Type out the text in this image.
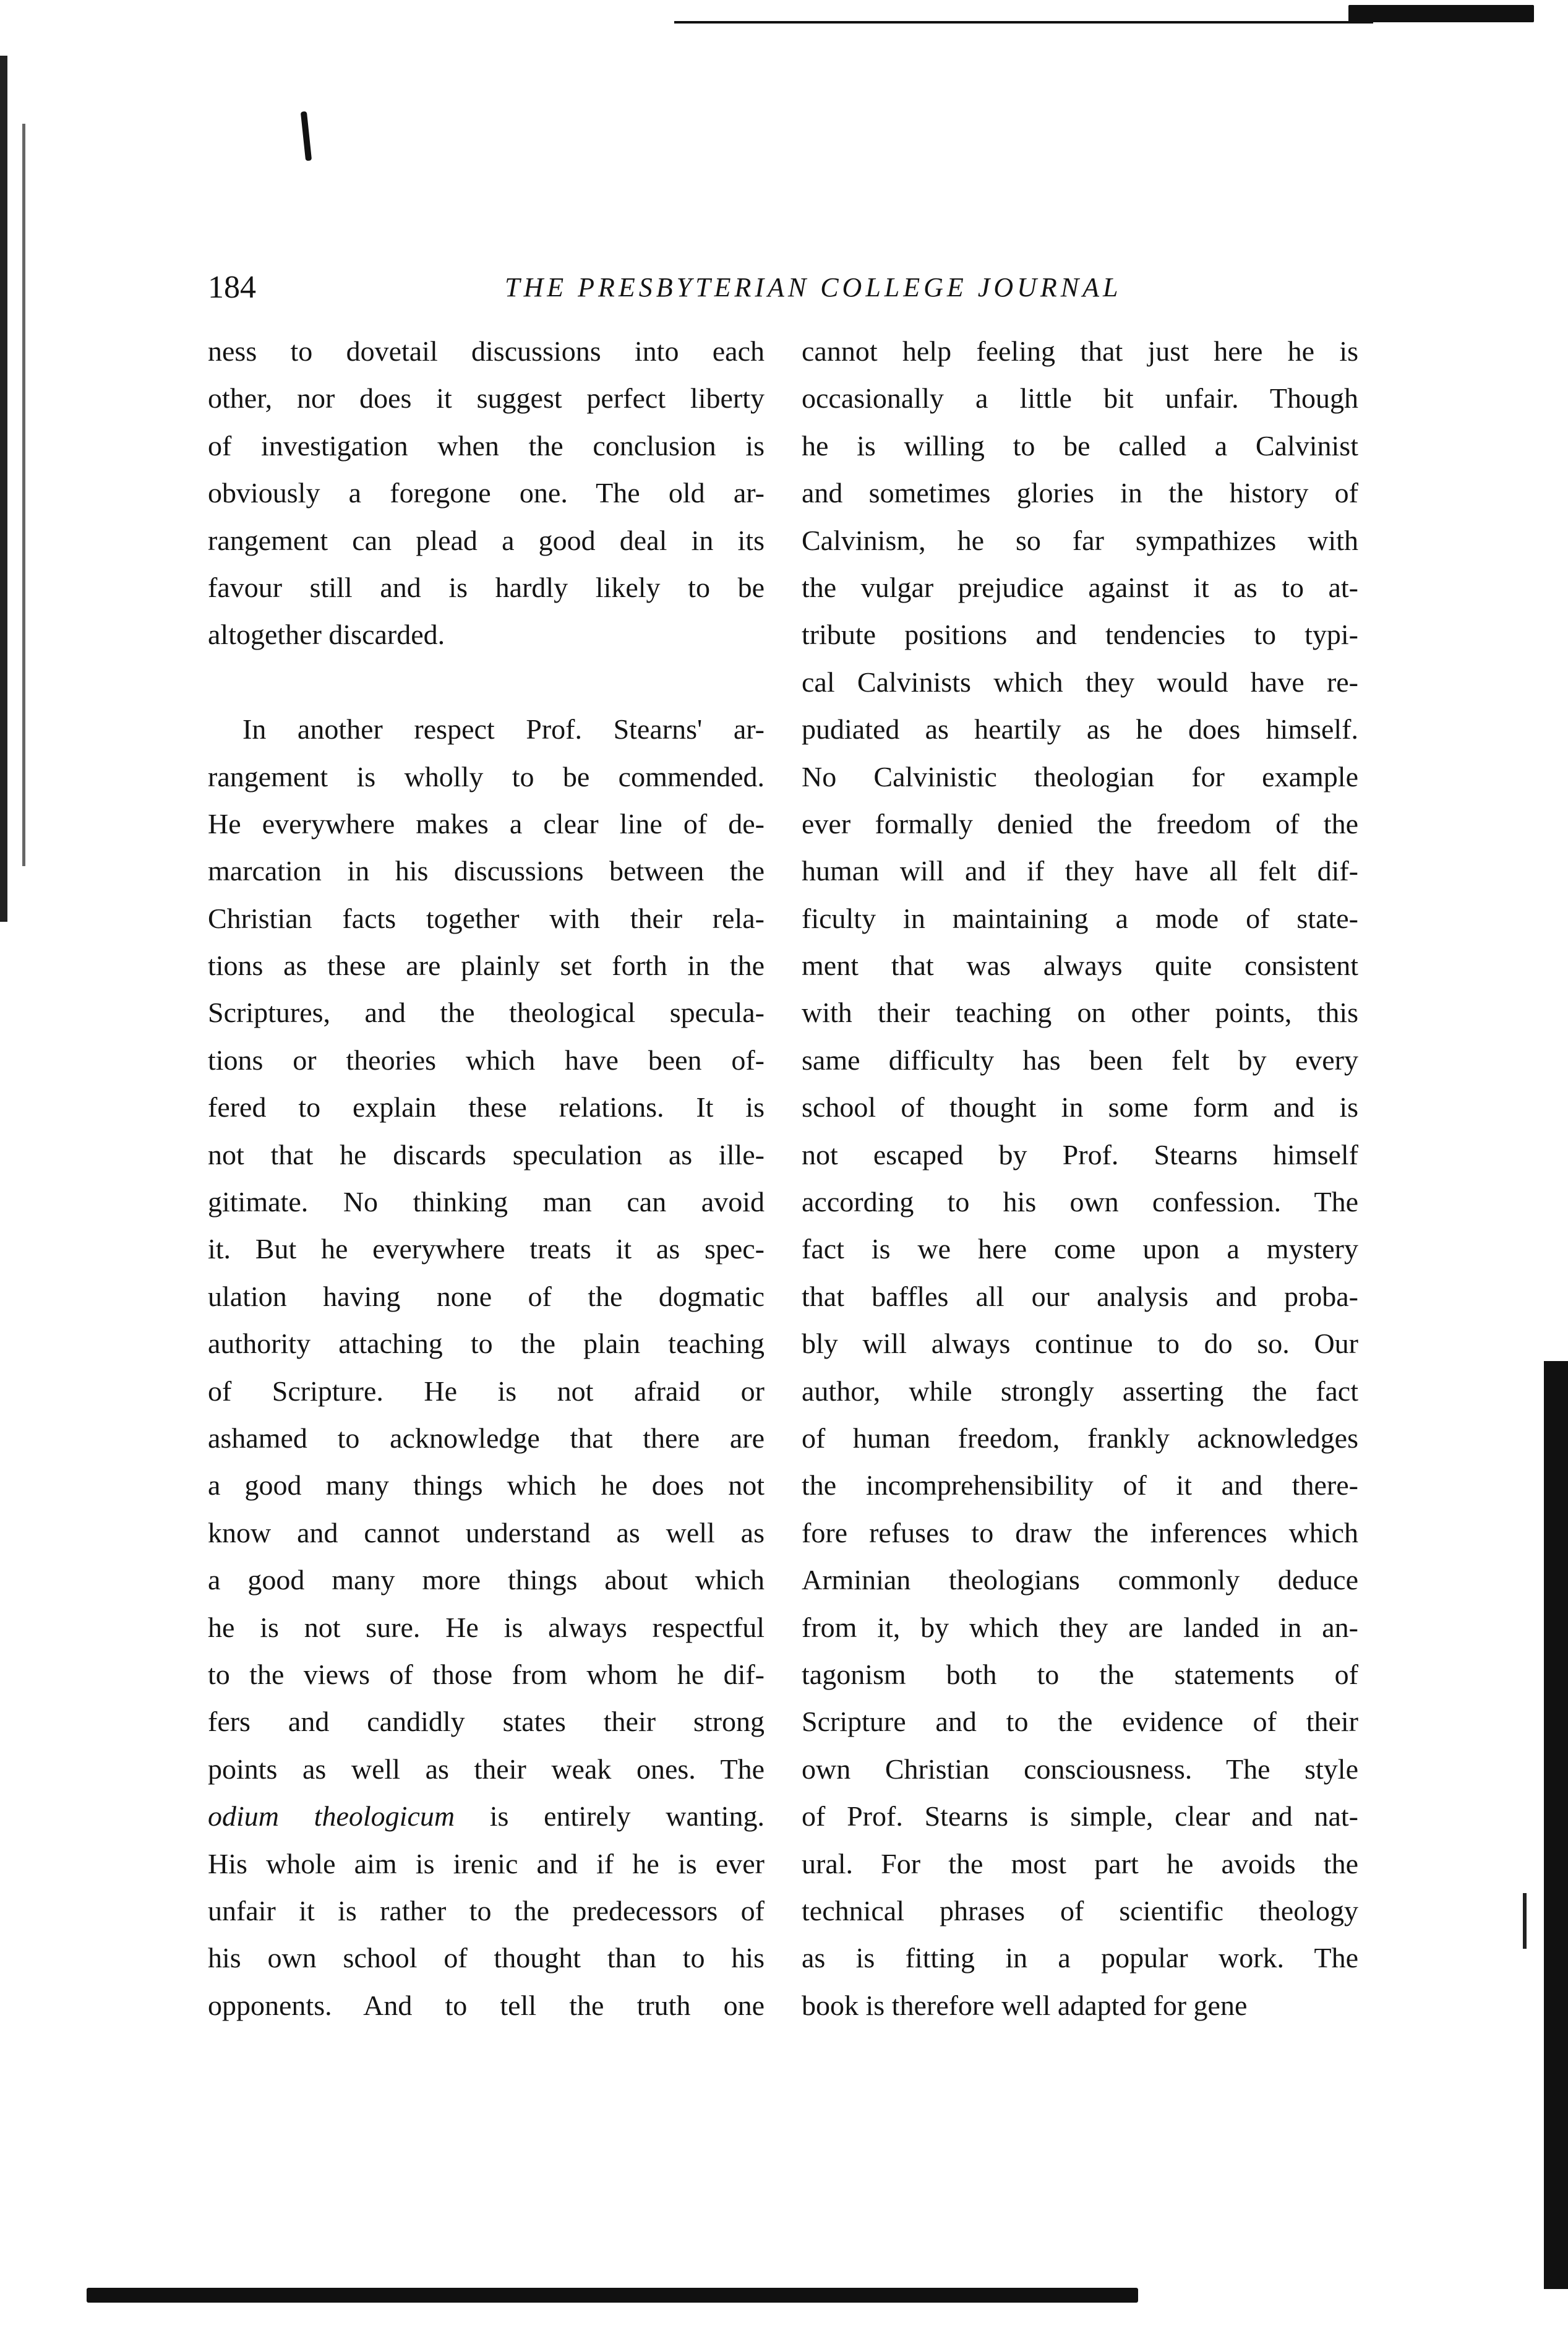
184	THE PRESBYTERIAN COLLEGE JOURNAL
ness to dovetail discussions into each
other, nor does it suggest perfect liberty
of investigation when the conclusion is
obviously a foregone one. The old ar-
rangement can plead a good deal in its
favour still and is hardly likely to be
altogether discarded.
In another respect Prof. Stearns' ar-
rangement is wholly to be commended.
He everywhere makes a clear line of de-
marcation in his discussions between the
Christian facts together with their rela-
tions as these are plainly set forth in the
Scriptures, and the theological specula-
tions or theories which have been of-
fered to explain these relations. It is
not that he discards speculation as ille-
gitimate. No thinking man can avoid
it. But he everywhere treats it as spec-
ulation having none of the dogmatic
authority attaching to the plain teaching
of Scripture. He is not afraid or
ashamed to acknowledge that there are
a good many things which he does not
know and cannot understand as well as
a good many more things about which
he is not sure. He is always respectful
to the views of those from whom he dif-
fers and candidly states their strong
points as well as their weak ones. The
odium theologicum is entirely wanting.
His whole aim is irenic and if he is ever
unfair it is rather to the predecessors of
his own school of thought than to his
opponents. And to tell the truth one
cannot help feeling that just here he is
occasionally a little bit unfair. Though
he is willing to be called a Calvinist
and sometimes glories in the history of
Calvinism, he so far sympathizes with
the vulgar prejudice against it as to at-
tribute positions and tendencies to typi-
cal Calvinists which they would have re-
pudiated as heartily as he does himself.
No Calvinistic theologian for example
ever formally denied the freedom of the
human will and if they have all felt dif-
ficulty in maintaining a mode of state-
ment that was always quite consistent
with their teaching on other points, this
same difficulty has been felt by every
school of thought in some form and is
not escaped by Prof. Stearns himself
according to his own confession. The
fact is we here come upon a mystery
that baffles all our analysis and proba-
bly will always continue to do so. Our
author, while strongly asserting the fact
of human freedom, frankly acknowledges
the incomprehensibility of it and there-
fore refuses to draw the inferences which
Arminian theologians commonly deduce
from it, by which they are landed in an-
tagonism both to the statements of
Scripture and to the evidence of their
own Christian consciousness. The style
of Prof. Stearns is simple, clear and nat-
ural. For the most part he avoids the
technical phrases of scientific theology
as is fitting in a popular work. The
book is therefore well adapted for gene
